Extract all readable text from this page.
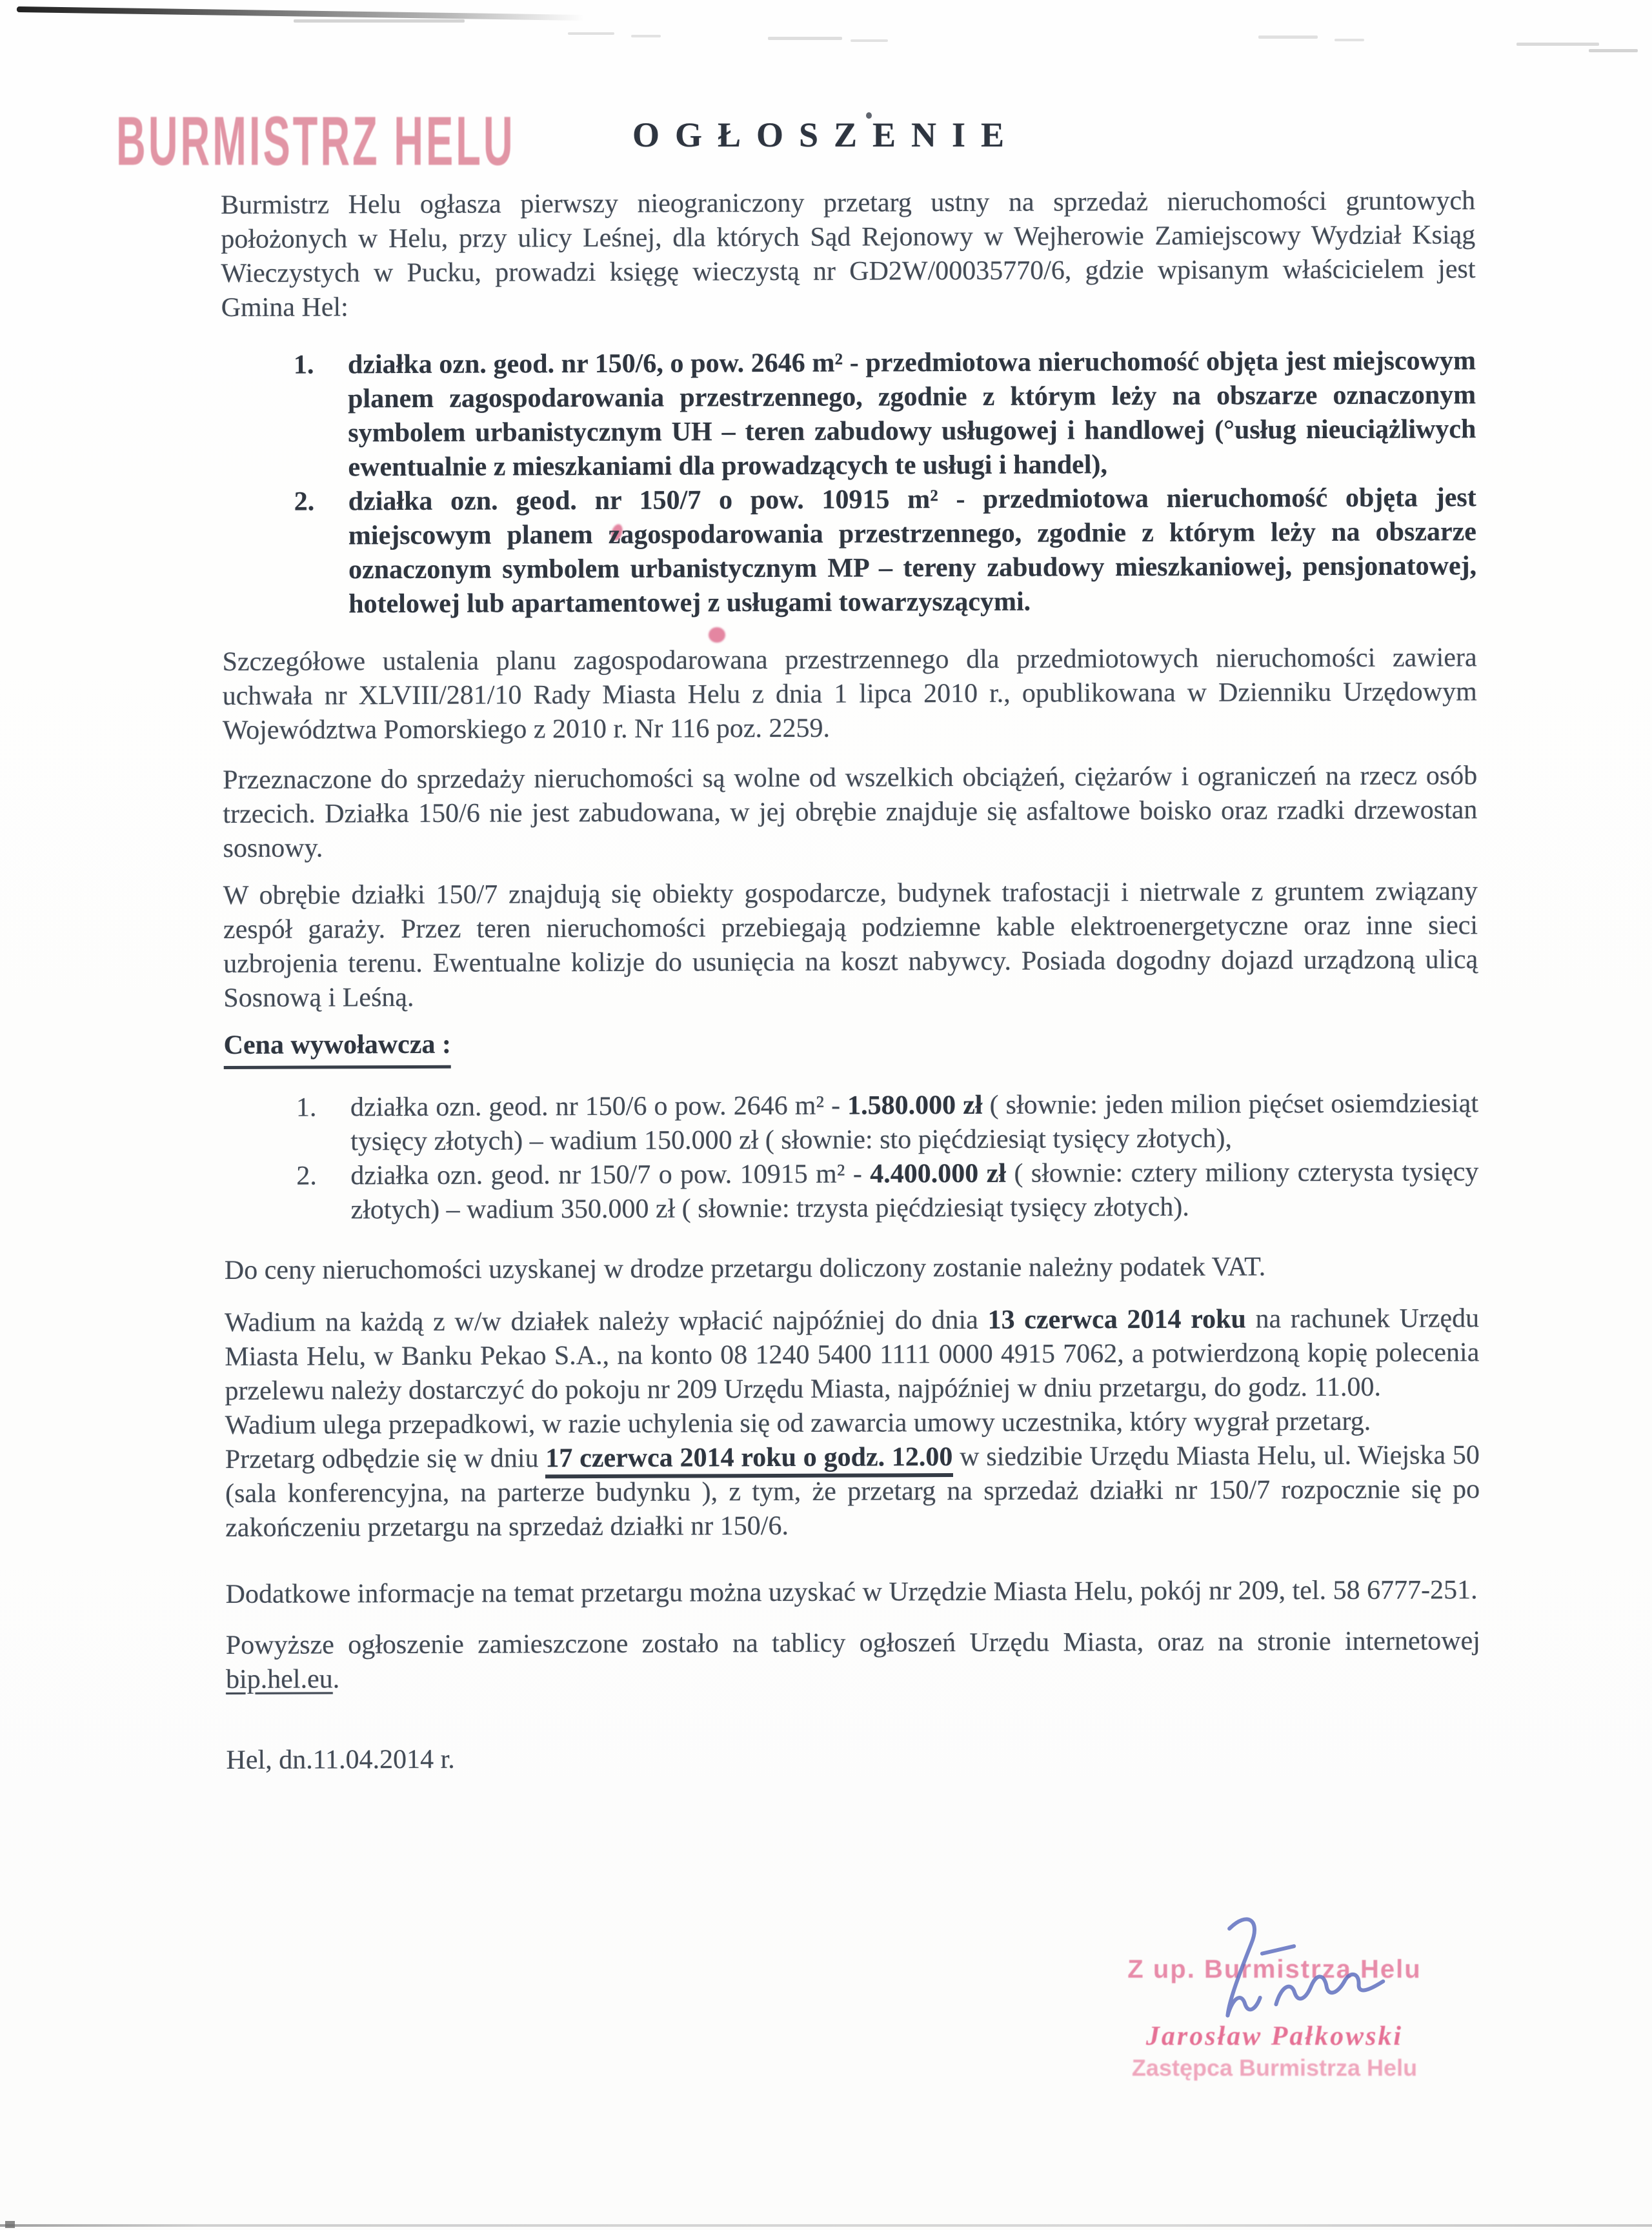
BURMISTRZ HELU	OGŁOSZENIE

Burmistrz Helu ogłasza pierwszy nieograniczony przetarg ustny na sprzedaż nieruchomości gruntowych położonych w Helu, przy ulicy Leśnej, dla których Sąd Rejonowy w Wejherowie Zamiejscowy Wydział Ksiąg Wieczystych w Pucku, prowadzi księgę wieczystą nr GD2W/00035770/6, gdzie wpisanym właścicielem jest Gmina Hel:

1.	działka ozn. geod. nr 150/6, o pow. 2646 m² - przedmiotowa nieruchomość objęta jest miejscowym planem zagospodarowania przestrzennego, zgodnie z którym leży na obszarze oznaczonym symbolem urbanistycznym UH – teren zabudowy usługowej i handlowej (°usług nieuciążliwych ewentualnie z mieszkaniami dla prowadzących te usługi i handel),
2.	działka ozn. geod. nr 150/7 o pow. 10915 m² - przedmiotowa nieruchomość objęta jest miejscowym planem zagospodarowania przestrzennego, zgodnie z którym leży na obszarze oznaczonym symbolem urbanistycznym MP – tereny zabudowy mieszkaniowej, pensjonatowej, hotelowej lub apartamentowej z usługami towarzyszącymi.

Szczegółowe ustalenia planu zagospodarowana przestrzennego dla przedmiotowych nieruchomości zawiera uchwała nr XLVIII/281/10 Rady Miasta Helu z dnia 1 lipca 2010 r., opublikowana w Dzienniku Urzędowym Województwa Pomorskiego z 2010 r. Nr 116 poz. 2259.

Przeznaczone do sprzedaży nieruchomości są wolne od wszelkich obciążeń, ciężarów i ograniczeń na rzecz osób trzecich. Działka 150/6 nie jest zabudowana, w jej obrębie znajduje się asfaltowe boisko oraz rzadki drzewostan sosnowy.

W obrębie działki 150/7 znajdują się obiekty gospodarcze, budynek trafostacji i nietrwale z gruntem związany zespół garaży. Przez teren nieruchomości przebiegają podziemne kable elektroenergetyczne oraz inne sieci uzbrojenia terenu. Ewentualne kolizje do usunięcia na koszt nabywcy. Posiada dogodny dojazd urządzoną ulicą Sosnową i Leśną.

Cena wywoławcza :

1.	działka ozn. geod. nr 150/6 o pow. 2646 m² - 1.580.000 zł ( słownie: jeden milion pięćset osiemdziesiąt tysięcy złotych) – wadium 150.000 zł ( słownie: sto pięćdziesiąt tysięcy złotych),
2.	działka ozn. geod. nr 150/7 o pow. 10915 m² - 4.400.000 zł ( słownie: cztery miliony czterysta tysięcy złotych) – wadium 350.000 zł ( słownie: trzysta pięćdziesiąt tysięcy złotych).

Do ceny nieruchomości uzyskanej w drodze przetargu doliczony zostanie należny podatek VAT.

Wadium na każdą z w/w działek należy wpłacić najpóźniej do dnia 13 czerwca 2014 roku na rachunek Urzędu Miasta Helu, w Banku Pekao S.A., na konto 08 1240 5400 1111 0000 4915 7062, a potwierdzoną kopię polecenia przelewu należy dostarczyć do pokoju nr 209 Urzędu Miasta, najpóźniej w dniu przetargu, do godz. 11.00.

Wadium ulega przepadkowi, w razie uchylenia się od zawarcia umowy uczestnika, który wygrał przetarg.

Przetarg odbędzie się w dniu 17 czerwca 2014 roku o godz. 12.00 w siedzibie Urzędu Miasta Helu, ul. Wiejska 50 (sala konferencyjna, na parterze budynku ), z tym, że przetarg na sprzedaż działki nr 150/7 rozpocznie się po zakończeniu przetargu na sprzedaż działki nr 150/6.

Dodatkowe informacje na temat przetargu można uzyskać w Urzędzie Miasta Helu, pokój nr 209, tel. 58 6777-251.

Powyższe ogłoszenie zamieszczone zostało na tablicy ogłoszeń Urzędu Miasta, oraz na stronie internetowej bip.hel.eu.

Hel, dn.11.04.2014 r.

Z up. Burmistrza Helu
Jarosław Pałkowski
Zastępca Burmistrza Helu
